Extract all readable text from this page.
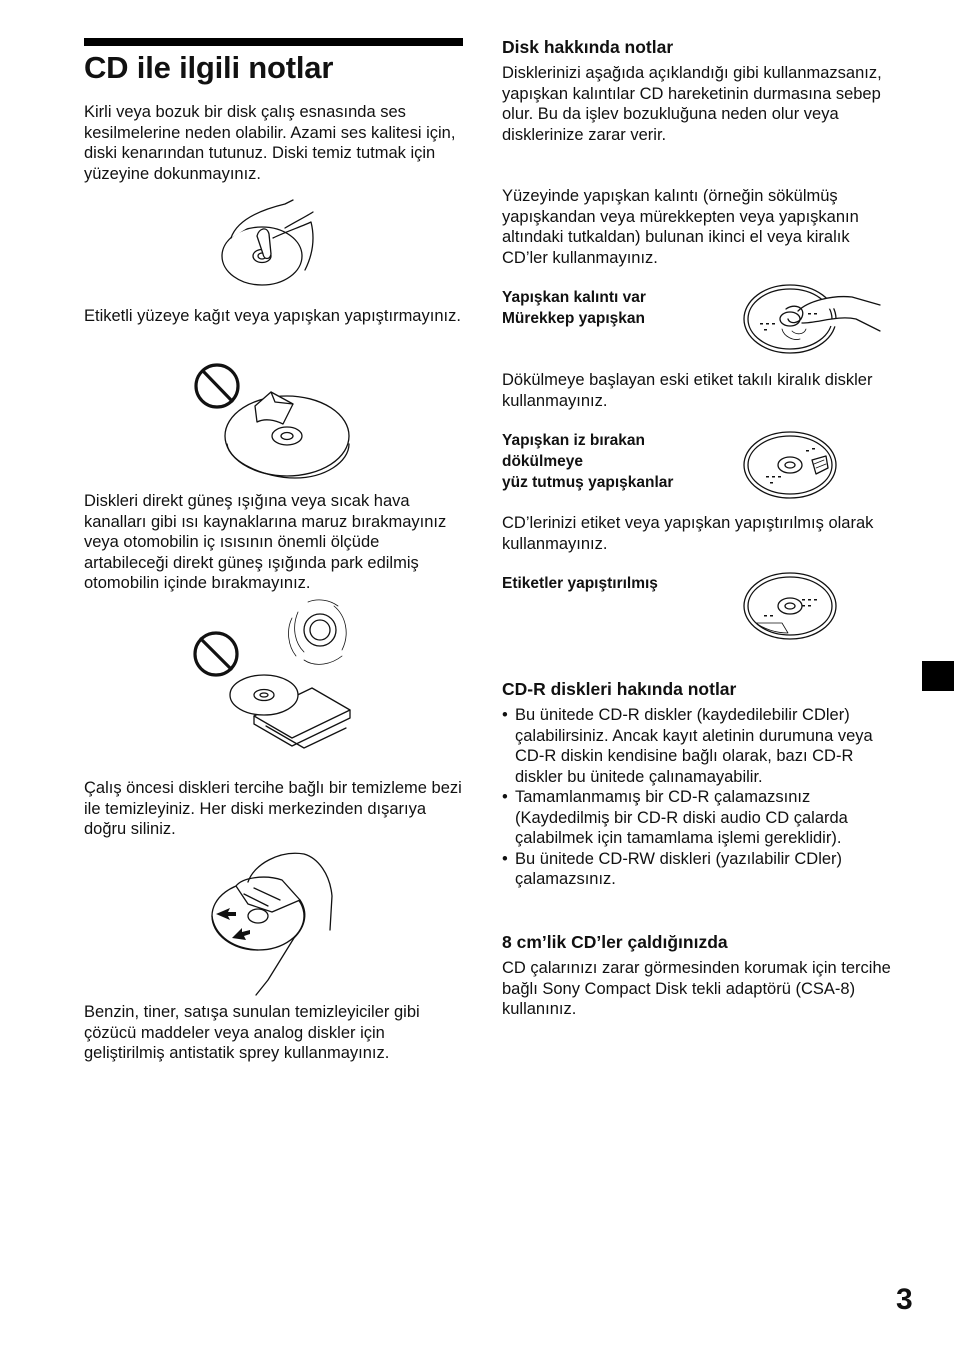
CD ile ilgili notlar

Kirli veya bozuk bir disk çalış esnasında ses kesilmelerine neden olabilir. Azami ses kalitesi için, diski kenarından tutunuz. Diski temiz tutmak için yüzeyine dokunmayınız.

Etiketli yüzeye kağıt veya yapışkan yapıştırmayınız.

Diskleri direkt güneş ışığına veya sıcak hava kanalları gibi ısı kaynaklarına maruz bırakmayınız veya otomobilin iç ısısının önemli ölçüde artabileceği direkt güneş ışığında park edilmiş otomobilin içinde bırakmayınız.

Çalış öncesi diskleri tercihe bağlı bir temizleme bezi ile temizleyiniz. Her diski merkezinden dışarıya doğru siliniz.

Benzin, tiner, satışa sunulan temizleyiciler gibi çözücü maddeler veya analog diskler için geliştirilmiş antistatik sprey kullanmayınız.

Disk hakkında notlar

Disklerinizi aşağıda açıklandığı gibi kullanmazsanız, yapışkan kalıntılar CD hareketinin durmasına sebep olur. Bu da işlev bozukluğuna neden olur veya disklerinize zarar verir.

Yüzeyinde yapışkan kalıntı (örneğin sökülmüş yapışkandan veya mürekkepten veya yapışkanın altındaki tutkaldan) bulunan ikinci el veya kiralık CD’ler kullanmayınız.

Yapışkan kalıntı var

Mürekkep yapışkan

Dökülmeye başlayan eski etiket takılı kiralık diskler kullanmayınız.

Yapışkan iz bırakan

dökülmeye

yüz tutmuş yapışkanlar

CD’lerinizi etiket veya yapışkan yapıştırılmış olarak kullanmayınız.

Etiketler yapıştırılmış

CD-R diskleri hakında notlar
• Bu ünitede CD-R diskler (kaydedilebilir CDler) çalabilirsiniz. Ancak kayıt aletinin durumuna veya CD-R diskin kendisine bağlı olarak, bazı CD-R diskler bu ünitede çalınamayabilir.
• Tamamlanmamış bir CD-R çalamazsınız (Kaydedilmiş bir CD-R diski audio CD çalarda çalabilmek için tamamlama işlemi gereklidir).
• Bu ünitede CD-RW diskleri (yazılabilir CDler) çalamazsınız.
8 cm’lik CD’ler çaldığınızda

CD çalarınızı zarar görmesinden korumak için tercihe bağlı Sony Compact Disk tekli adaptörü (CSA-8) kullanınız.

3
